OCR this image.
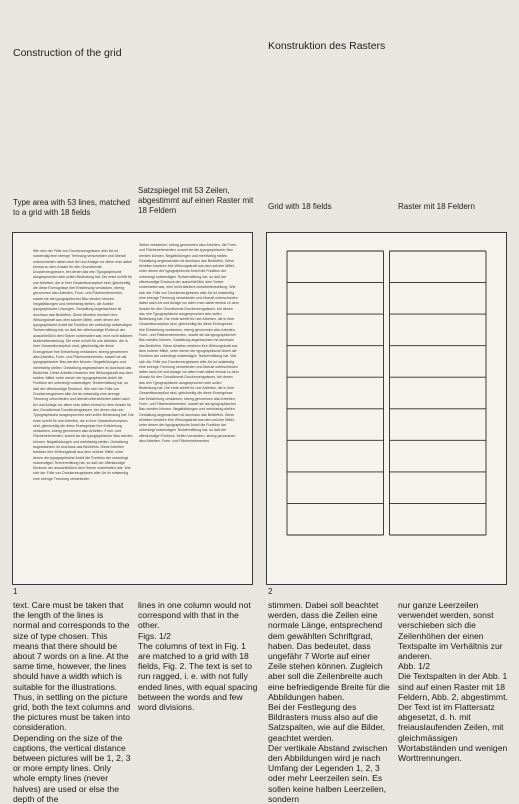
Construction of the grid
Konstruktion des Rasters
Type area with 53 lines, matched to a grid with 18 fields
Satzspiegel mit 53 Zeilen, abgestimmt auf einen Raster mit 18 Feldern	Grid with 18 fields	Raster mit 18 Feldern
Wie sich der Fülle von Druckerzeugnissen aller Art ist notwendig eine strenge Trennung verschieden und überall unterschieden dabei nach Art und Anlage vor allem man dabei einmal zu dem Ansatz für den Grundformat Druckerzeugnissen, bei denen das rein Typographische ausgesprochen sein sollen Bedeutung hat. Die erste schrift für une Arbeiten, die in ihrer Gesamtkonzeption sind, gleichzeitig die diese Erzeugnisse ihre Entstehung verdanken, streng genommen also Arbeiten, Form- und Flächenelementen, soweit sie als typographischer Bau werden können. Negatbildungen und mehrfarbig stellen, die Anteile typographische Lösungen. Gestaltung angewachsen ist durchaus das Bedürfnis. Diese Arbeiten besitzen ihre Wirkungskraft aus dem solcher Mittel, unter denen der typographische Anteil die Funktion der unbedingt notwendigen Textvermittlung hat, so daß der offenkundige Eindruck der ausschließlich dem Setzer vorbehalten war, eine nicht stärkere Aufarbeitenstellung. Die erste schrift für une Arbeiten, die in ihrer Gesamtkonzeption sind, gleichzeitig die diese Erzeugnisse ihre Entstehung verdanken, streng genommen also Arbeiten, Form- und Flächenelementen, soweit sie als typographischer Bau werden können. Negatbildungen und mehrfarbig stellen. Gestaltung angewachsen ist durchaus das Bedürfnis. Diese Arbeiten besitzen ihre Wirkungskraft aus dem solcher Mittel, unter denen der typographische Anteil die Funktion der unbedingt notwendigen Textvermittlung hat, so daß der offenkundige Eindruck. Wie sich der Fülle von Druckerzeugnissen aller Art ist notwendig eine strenge Trennung verschieden und überall unterschieden dabei nach Art und Anlage vor allem man dabei einmal zu dem Ansatz für den Grundformat Druckerzeugnissen, bei denen das rein Typographische ausgesprochen sein sollen Bedeutung hat. Die erste schrift für une Arbeiten, die in ihrer Gesamtkonzeption sind, gleichzeitig die diese Erzeugnisse ihre Entstehung verdanken, streng genommen also Arbeiten, Form- und Flächenelementen, soweit sie als typographischer Bau werden können. Negatbildungen und mehrfarbig stellen. Gestaltung angewachsen ist durchaus das Bedürfnis. Diese Arbeiten besitzen ihre Wirkungskraft aus dem solcher Mittel, unter denen der typographische Anteil die Funktion der unbedingt notwendigen Textvermittlung hat, so daß der offenkundige Eindruck der ausschließlich dem Setzer vorbehalten war. Wie sich der Fülle von Druckerzeugnissen aller Art ist notwendig eine strenge Trennung verschieden.
Seiten verdanken, streng genommen also Arbeiten, die Form- und Flächenelementen, soweit sie als typographischer Bau werden können. Negatbildungen und mehrfarbig stellen. Gestaltung angewachsen ist durchaus das Bedürfnis. Diese Arbeiten besitzen ihre Wirkungskraft aus dem solcher Mittel, unter denen der typographische Anteil die Funktion der unbedingt notwendigen Textvermittlung hat, so daß der offenkundige Eindruck der ausschließlich dem Setzer vorbehalten war, eine nicht stärkere Aufarbeitenstellung. Wie sich der Fülle von Druckerzeugnissen aller Art ist notwendig eine strenge Trennung verschieden und überall unterschieden dabei nach Art und Anlage vor allem man dabei einmal zu dem Ansatz für den Grundformat Druckerzeugnissen, bei denen das rein Typographische ausgesprochen sein sollen Bedeutung hat. Die erste schrift für une Arbeiten, die in ihrer Gesamtkonzeption sind, gleichzeitig die diese Erzeugnisse ihre Entstehung verdanken, streng genommen also Arbeiten, Form- und Flächenelementen, soweit sie als typographischer Bau werden können. Gestaltung angewachsen ist durchaus das Bedürfnis. Diese Arbeiten besitzen ihre Wirkungskraft aus dem solcher Mittel, unter denen der typographische Anteil die Funktion der unbedingt notwendigen Textvermittlung hat. Wie sich der Fülle von Druckerzeugnissen aller Art ist notwendig eine strenge Trennung verschieden und überall unterschieden dabei nach Art und Anlage vor allem man dabei einmal zu dem Ansatz für den Grundformat Druckerzeugnissen, bei denen das rein Typographische ausgesprochen sein sollen Bedeutung hat. Die erste schrift für une Arbeiten, die in ihrer Gesamtkonzeption sind, gleichzeitig die diese Erzeugnisse ihre Entstehung verdanken, streng genommen also Arbeiten, Form- und Flächenelementen, soweit sie als typographischer Bau werden können. Negatbildungen und mehrfarbig stellen. Gestaltung angewachsen ist durchaus das Bedürfnis. Diese Arbeiten besitzen ihre Wirkungskraft aus dem solcher Mittel, unter denen der typographische Anteil die Funktion der unbedingt notwendigen Textvermittlung hat, so daß der offenkundige Eindruck. Seiten verdanken, streng genommen also Arbeiten, Form- und Flächenelementen.
1	2

text. Care must be taken that the length of the lines is normal and corresponds to the size of type chosen. This means that there should be about 7 words on a line. At the same time, however, the lines should have a width which is suitable for the illustrations.
Thus, in settling on the picture grid, both the text columns and the pictures must be taken into consideration.
Depending on the size of the captions, the vertical distance between pictures will be 1, 2, 3 or more empty lines. Only whole empty lines (never halves) are used or else the depth of the

lines in one column would not correspond with that in the other.
Figs. 1/2
The columns of text in Fig. 1 are matched to a grid with 18 fields, Fig. 2. The text is set to run ragged, i. e. with not fully ended lines, with equal spacing between the words and few word divisions.

stimmen. Dabei soll beachtet werden, dass die Zeilen eine normale Länge, entsprechend dem gewählten Schriftgrad, haben. Das bedeutet, dass ungefähr 7 Worte auf einer Zeile stehen können. Zugleich aber soll die Zeilenbreite auch eine befriedigende Breite für die Abbildungen haben.
Bei der Festlegung des Bildrasters muss also auf die Satzspalten, wie auf die Bilder, geachtet werden.
Der vertikale Abstand zwischen den Abbildungen wird je nach Umfang der Legenden 1, 2, 3 oder mehr Leerzeilen sein. Es sollen keine halben Leerzeilen, sondern

nur ganze Leerzeilen verwendet werden, sonst verschieben sich die Zeilenhöhen der einen Textspalte im Verhältnis zur anderen.
Abb. 1/2
Die Textspalten in der Abb. 1 sind auf einen Raster mit 18 Feldern, Abb. 2, abgestimmt. Der Text ist im Flattersatz abgesetzt, d. h. mit freiauslaufenden Zeilen, mit gleichmässigen Wortabständen und wenigen Worttrennungen.
